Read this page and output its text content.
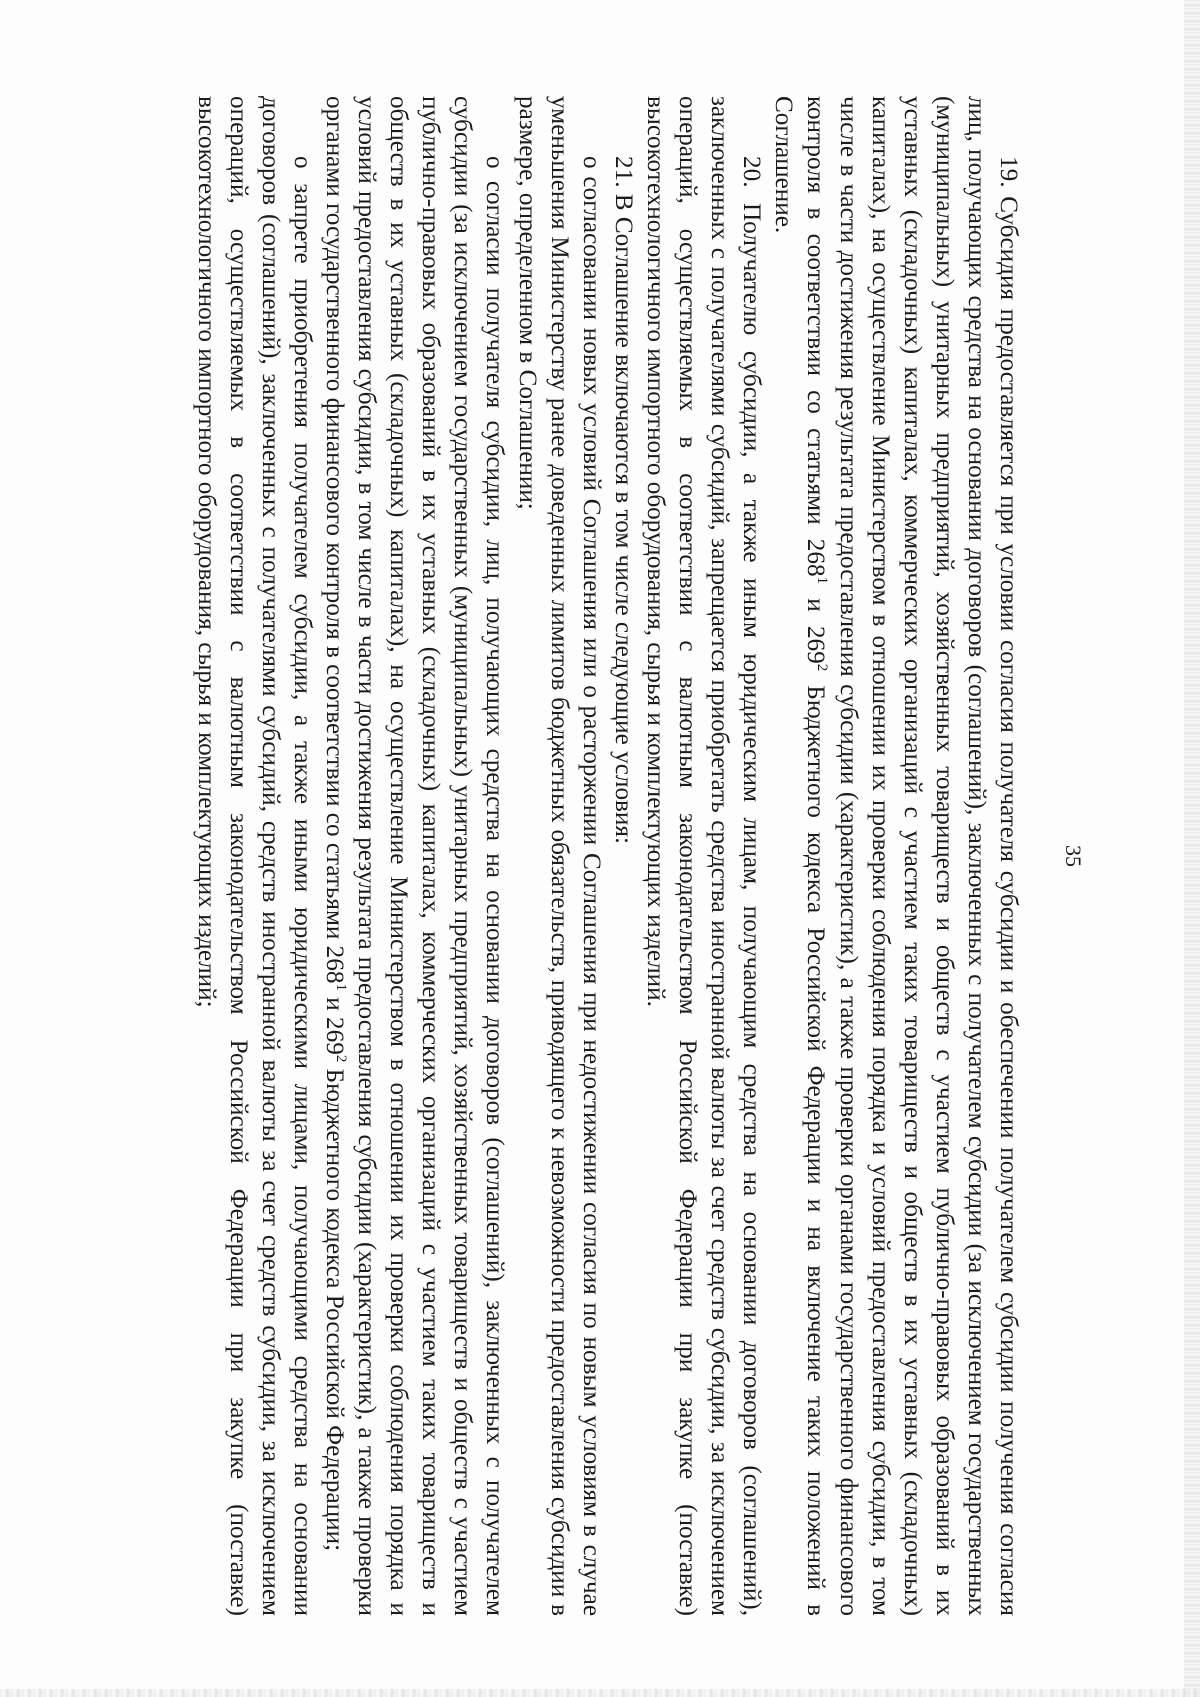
35

19. Субсидия предоставляется при условии согласия получателя субсидии и обеспечении получателем субсидии получения согласия лиц, получающих средства на основании договоров (соглашений), заключенных с получателем субсидии (за исключением государственных (муниципальных) унитарных предприятий, хозяйственных товариществ и обществ с участием публично-правовых образований в их уставных (складочных) капиталах, коммерческих организаций с участием таких товариществ и обществ в их уставных (складочных) капиталах), на осуществление Министерством в отношении их проверки соблюдения порядка и условий предоставления субсидии, в том числе в части достижения результата предоставления субсидии (характеристик), а также проверки органами государственного финансового контроля в соответствии со статьями $268^1$ и $269^2$ Бюджетного кодекса Российской Федерации и на включение таких положений в Соглашение.

20. Получателю субсидии, а также иным юридическим лицам, получающим средства на основании договоров (соглашений), заключенных с получателями субсидий, запрещается приобретать средства иностранной валюты за счет средств субсидии, за исключением операций, осуществляемых в соответствии с валютным законодательством Российской Федерации при закупке (поставке) высокотехнологичного импортного оборудования, сырья и комплектующих изделий.

21. В Соглашение включаются в том числе следующие условия:

о согласовании новых условий Соглашения или о расторжении Соглашения при недостижении согласия по новым условиям в случае уменьшения Министерству ранее доведенных лимитов бюджетных обязательств, приводящего к невозможности предоставления субсидии в размере, определенном в Соглашении;

о согласии получателя субсидии, лиц, получающих средства на основании договоров (соглашений), заключенных с получателем субсидии (за исключением государственных (муниципальных) унитарных предприятий, хозяйственных товариществ и обществ с участием публично-правовых образований в их уставных (складочных) капиталах, коммерческих организаций с участием таких товариществ и обществ в их уставных (складочных) капиталах), на осуществление Министерством в отношении их проверки соблюдения порядка и условий предоставления субсидии, в том числе в части достижения результата предоставления субсидии (характеристик), а также проверки органами государственного финансового контроля в соответствии со статьями $268^1$ и $269^2$ Бюджетного кодекса Российской Федерации;

о запрете приобретения получателем субсидии, а также иными юридическими лицами, получающими средства на основании договоров (соглашений), заключенных с получателями субсидий, средств иностранной валюты за счет средств субсидии, за исключением операций, осуществляемых в соответствии с валютным законодательством Российской Федерации при закупке (поставке) высокотехнологичного импортного оборудования, сырья и комплектующих изделий;
